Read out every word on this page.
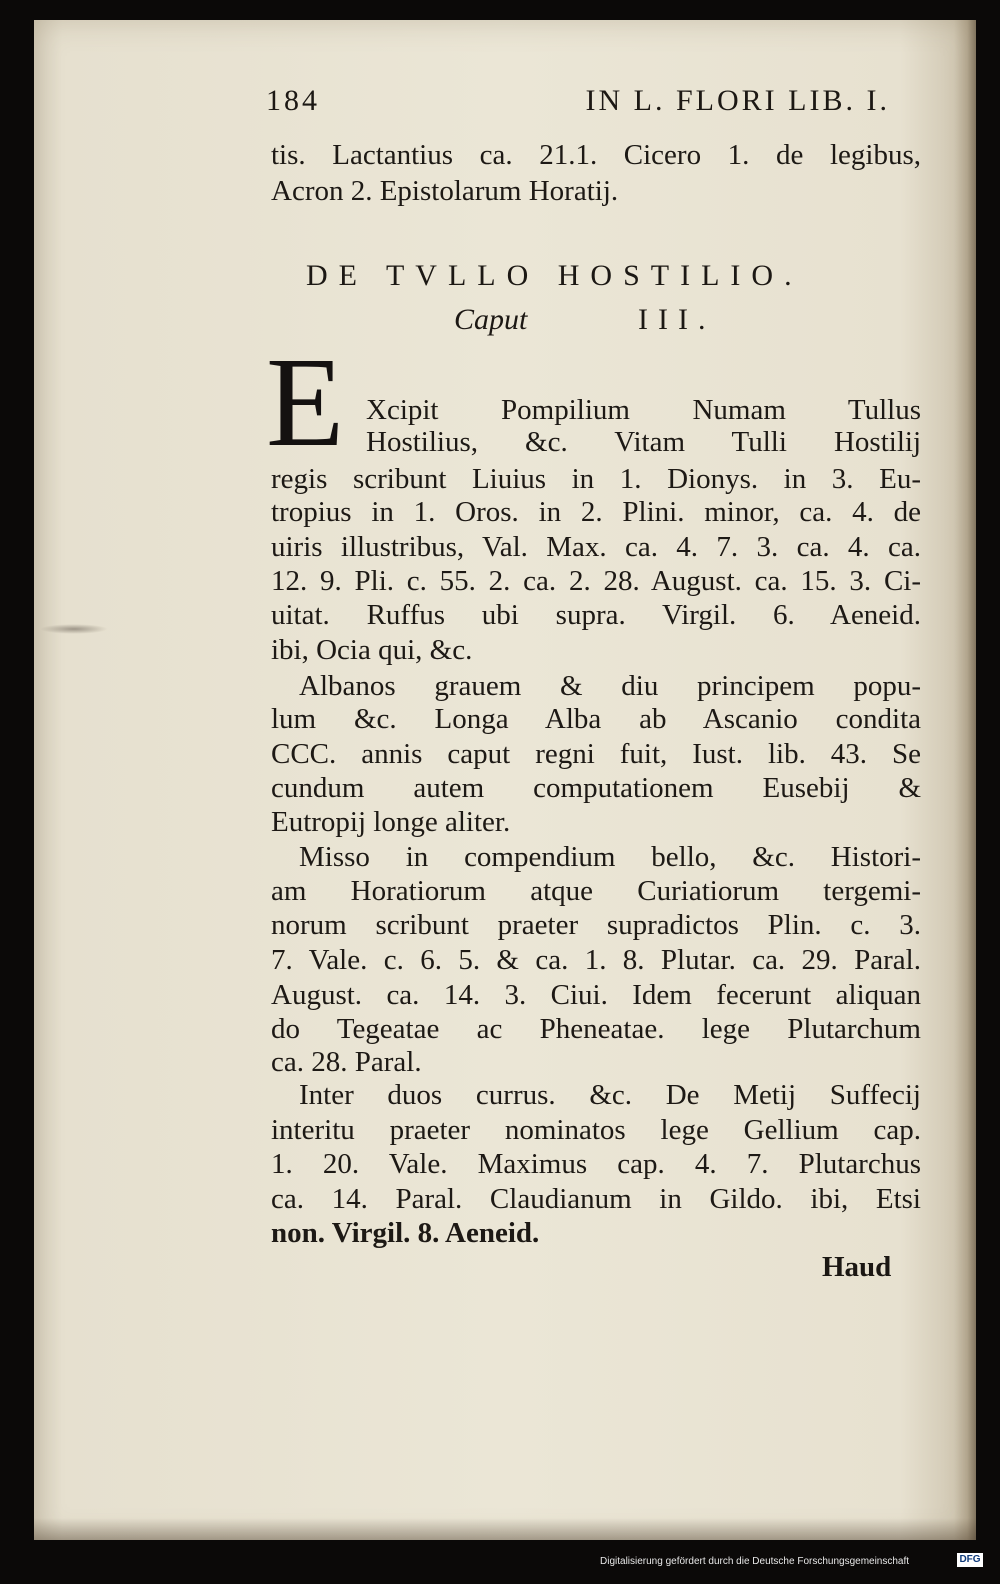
184	IN L. FLORI LIB. I.
tis. Lactantius ca. 21.1. Cicero 1. de legibus,
Acron 2. Epistolarum Horatij.
DE TVLLO HOSTILIO.
Caput	III.
E Xcipit Pompilium Numam Tullus
Hostilius, &c. Vitam Tulli Hostilij
regis scribunt Liuius in 1. Dionys. in 3. Eu-
tropius in 1. Oros. in 2. Plini. minor, ca. 4. de
uiris illustribus, Val. Max. ca. 4. 7. 3. ca. 4. ca.
12. 9. Pli. c. 55. 2. ca. 2. 28. August. ca. 15. 3. Ci-
uitat. Ruffus ubi supra. Virgil. 6. Aeneid.
ibi, Ocia qui, &c.
Albanos grauem & diu principem popu-
lum &c. Longa Alba ab Ascanio condita
CCC. annis caput regni fuit, Iust. lib. 43. Se
cundum autem computationem Eusebij &
Eutropij longe aliter.
Misso in compendium bello, &c. Histori-
am Horatiorum atque Curiatiorum tergemi-
norum scribunt praeter supradictos Plin. c. 3.
7. Vale. c. 6. 5. & ca. 1. 8. Plutar. ca. 29. Paral.
August. ca. 14. 3. Ciui. Idem fecerunt aliquan
do Tegeatae ac Pheneatae. lege Plutarchum
ca. 28. Paral.
Inter duos currus. &c. De Metij Suffecij
interitu praeter nominatos lege Gellium cap.
1. 20. Vale. Maximus cap. 4. 7. Plutarchus
ca. 14. Paral. Claudianum in Gildo. ibi, Etsi
non. Virgil. 8. Aeneid.
Haud
Digitalisierung gefördert durch die Deutsche Forschungsgemeinschaft	DFG
